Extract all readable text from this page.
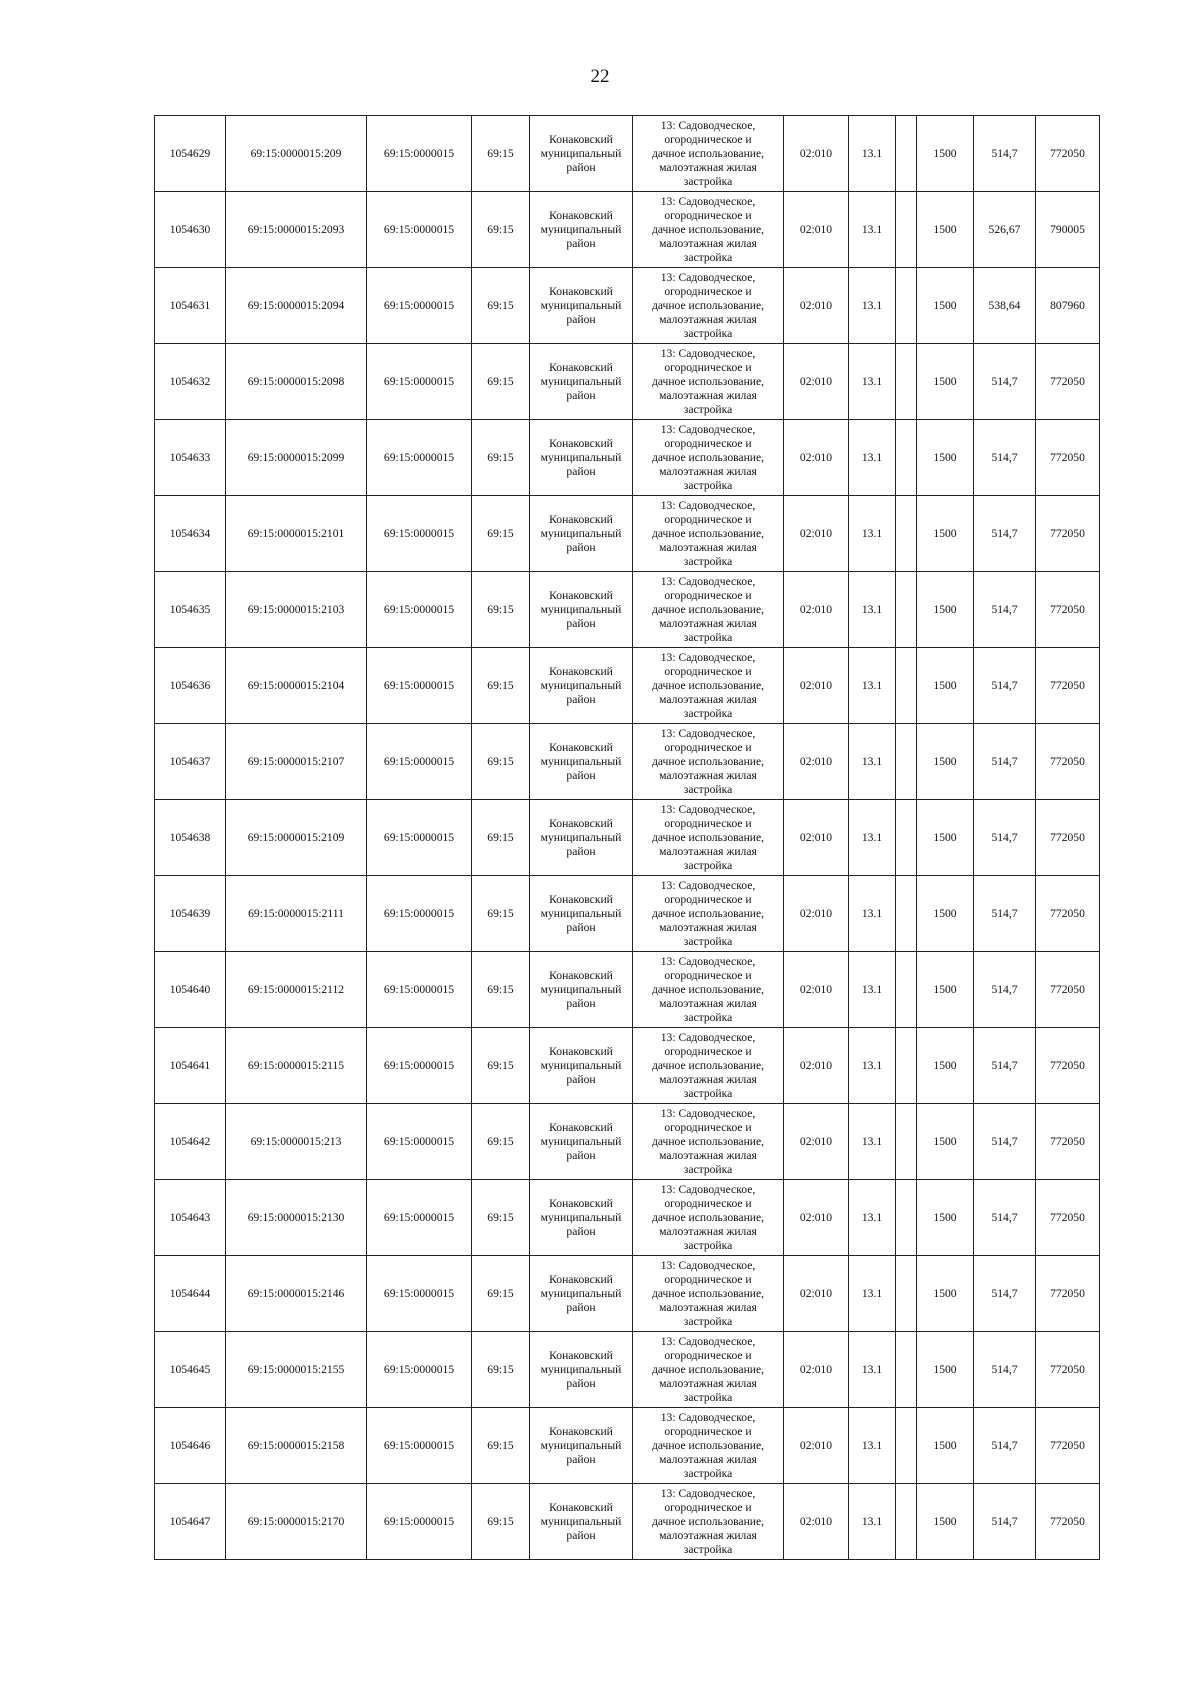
22
1054629	69:15:0000015:209	69:15:0000015	69:15	Конаковский
муниципальный
район	13: Садоводческое,
огородническое и
дачное использование,
малоэтажная жилая
застройка	02:010	13.1		1500	514,7	772050
1054630	69:15:0000015:2093	69:15:0000015	69:15	Конаковский
муниципальный
район	13: Садоводческое,
огородническое и
дачное использование,
малоэтажная жилая
застройка	02:010	13.1		1500	526,67	790005
1054631	69:15:0000015:2094	69:15:0000015	69:15	Конаковский
муниципальный
район	13: Садоводческое,
огородническое и
дачное использование,
малоэтажная жилая
застройка	02:010	13.1		1500	538,64	807960
1054632	69:15:0000015:2098	69:15:0000015	69:15	Конаковский
муниципальный
район	13: Садоводческое,
огородническое и
дачное использование,
малоэтажная жилая
застройка	02:010	13.1		1500	514,7	772050
1054633	69:15:0000015:2099	69:15:0000015	69:15	Конаковский
муниципальный
район	13: Садоводческое,
огородническое и
дачное использование,
малоэтажная жилая
застройка	02:010	13.1		1500	514,7	772050
1054634	69:15:0000015:2101	69:15:0000015	69:15	Конаковский
муниципальный
район	13: Садоводческое,
огородническое и
дачное использование,
малоэтажная жилая
застройка	02:010	13.1		1500	514,7	772050
1054635	69:15:0000015:2103	69:15:0000015	69:15	Конаковский
муниципальный
район	13: Садоводческое,
огородническое и
дачное использование,
малоэтажная жилая
застройка	02:010	13.1		1500	514,7	772050
1054636	69:15:0000015:2104	69:15:0000015	69:15	Конаковский
муниципальный
район	13: Садоводческое,
огородническое и
дачное использование,
малоэтажная жилая
застройка	02:010	13.1		1500	514,7	772050
1054637	69:15:0000015:2107	69:15:0000015	69:15	Конаковский
муниципальный
район	13: Садоводческое,
огородническое и
дачное использование,
малоэтажная жилая
застройка	02:010	13.1		1500	514,7	772050
1054638	69:15:0000015:2109	69:15:0000015	69:15	Конаковский
муниципальный
район	13: Садоводческое,
огородническое и
дачное использование,
малоэтажная жилая
застройка	02:010	13.1		1500	514,7	772050
1054639	69:15:0000015:2111	69:15:0000015	69:15	Конаковский
муниципальный
район	13: Садоводческое,
огородническое и
дачное использование,
малоэтажная жилая
застройка	02:010	13.1		1500	514,7	772050
1054640	69:15:0000015:2112	69:15:0000015	69:15	Конаковский
муниципальный
район	13: Садоводческое,
огородническое и
дачное использование,
малоэтажная жилая
застройка	02:010	13.1		1500	514,7	772050
1054641	69:15:0000015:2115	69:15:0000015	69:15	Конаковский
муниципальный
район	13: Садоводческое,
огородническое и
дачное использование,
малоэтажная жилая
застройка	02:010	13.1		1500	514,7	772050
1054642	69:15:0000015:213	69:15:0000015	69:15	Конаковский
муниципальный
район	13: Садоводческое,
огородническое и
дачное использование,
малоэтажная жилая
застройка	02:010	13.1		1500	514,7	772050
1054643	69:15:0000015:2130	69:15:0000015	69:15	Конаковский
муниципальный
район	13: Садоводческое,
огородническое и
дачное использование,
малоэтажная жилая
застройка	02:010	13.1		1500	514,7	772050
1054644	69:15:0000015:2146	69:15:0000015	69:15	Конаковский
муниципальный
район	13: Садоводческое,
огородническое и
дачное использование,
малоэтажная жилая
застройка	02:010	13.1		1500	514,7	772050
1054645	69:15:0000015:2155	69:15:0000015	69:15	Конаковский
муниципальный
район	13: Садоводческое,
огородническое и
дачное использование,
малоэтажная жилая
застройка	02:010	13.1		1500	514,7	772050
1054646	69:15:0000015:2158	69:15:0000015	69:15	Конаковский
муниципальный
район	13: Садоводческое,
огородническое и
дачное использование,
малоэтажная жилая
застройка	02:010	13.1		1500	514,7	772050
1054647	69:15:0000015:2170	69:15:0000015	69:15	Конаковский
муниципальный
район	13: Садоводческое,
огородническое и
дачное использование,
малоэтажная жилая
застройка	02:010	13.1		1500	514,7	772050
